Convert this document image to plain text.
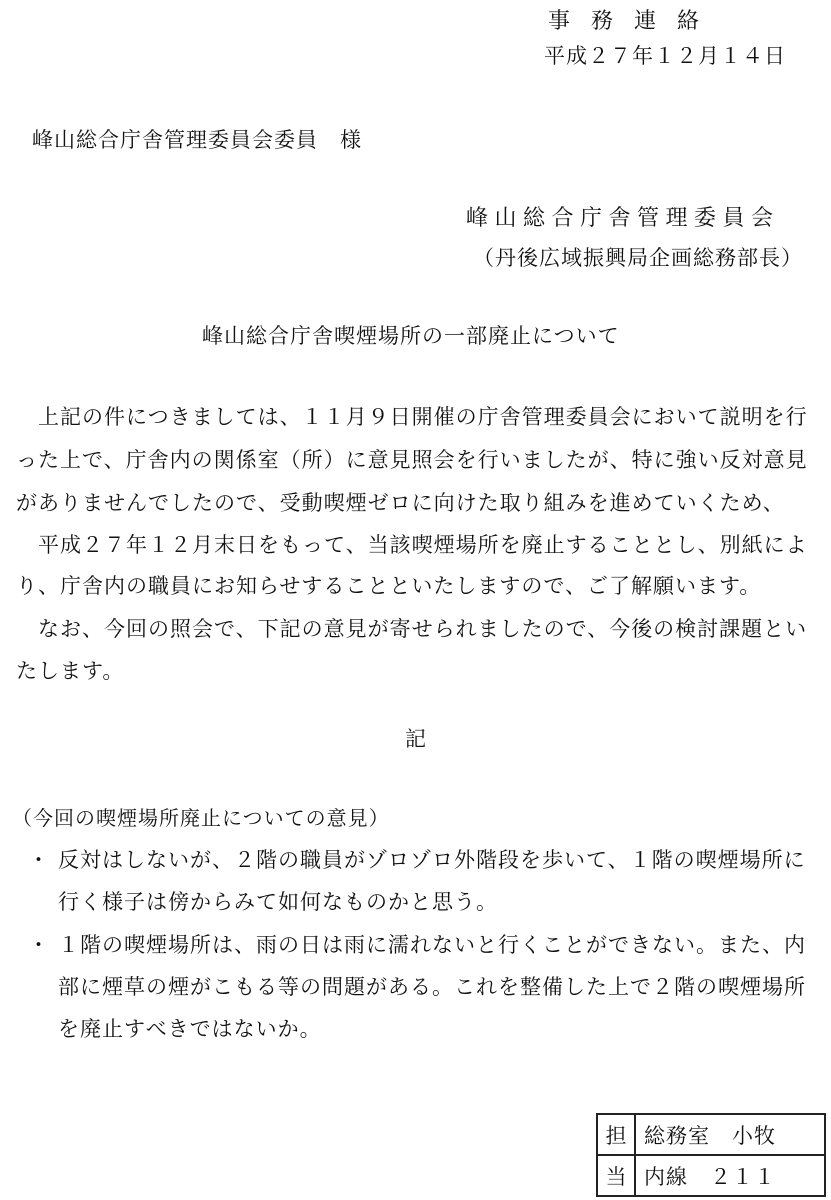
事務連絡
平成２７年１２月１４日
峰山総合庁舎管理委員会委員　様
峰山総合庁舎管理委員会
（丹後広域振興局企画総務部長）
峰山総合庁舎喫煙場所の一部廃止について
　上記の件につきましては、１１月９日開催の庁舎管理委員会において説明を行
った上で、庁舎内の関係室（所）に意見照会を行いましたが、特に強い反対意見
がありませんでしたので、受動喫煙ゼロに向けた取り組みを進めていくため、
　平成２７年１２月末日をもって、当該喫煙場所を廃止することとし、別紙によ
り、庁舎内の職員にお知らせすることといたしますので、ご了解願います。
　なお、今回の照会で、下記の意見が寄せられましたので、今後の検討課題とい
たします。
記
（今回の喫煙場所廃止についての意見）
・ 反対はしないが、２階の職員がゾロゾロ外階段を歩いて、１階の喫煙場所に
行く様子は傍からみて如何なものかと思う。
・ １階の喫煙場所は、雨の日は雨に濡れないと行くことができない。また、内
部に煙草の煙がこもる等の問題がある。これを整備した上で２階の喫煙場所
を廃止すべきではないか。
担	総務室　小牧
当	内線　２１１
